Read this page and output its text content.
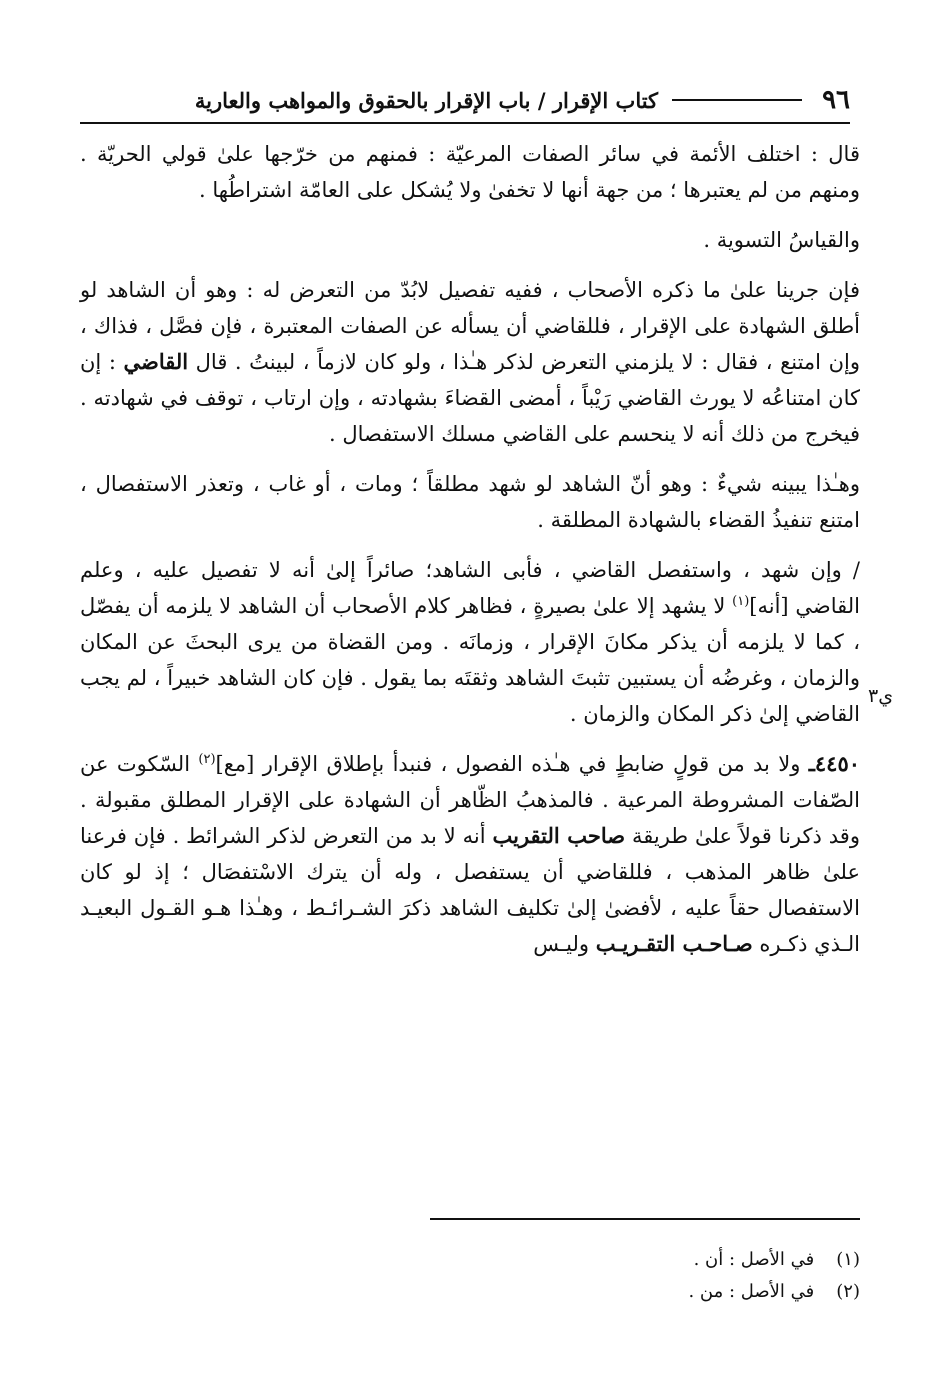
٩٦
كتاب الإقرار / باب الإقرار بالحقوق والمواهب والعارية
ي٣

قال : اختلف الأئمة في سائر الصفات المرعيّة : فمنهم من خرّجها علىٰ قولي الحريّة . ومنهم من لم يعتبرها ؛ من جهة أنها لا تخفىٰ ولا يُشكل على العامّة اشتراطُها .

والقياسُ التسوية .

فإن جرينا علىٰ ما ذكره الأصحاب ، ففيه تفصيل لابُدّ من التعرض له : وهو أن الشاهد لو أطلق الشهادة على الإقرار ، فللقاضي أن يسأله عن الصفات المعتبرة ، فإن فصَّل ، فذاك ، وإن امتنع ، فقال : لا يلزمني التعرض لذكر هـٰذا ، ولو كان لازماً ، لبينتُ . قال القاضي : إن كان امتناعُه لا يورث القاضي رَيْباً ، أمضى القضاءَ بشهادته ، وإن ارتاب ، توقف في شهادته . فيخرج من ذلك أنه لا ينحسم على القاضي مسلك الاستفصال .

وهـٰذا يبينه شيءٌ : وهو أنّ الشاهد لو شهد مطلقاً ؛ ومات ، أو غاب ، وتعذر الاستفصال ، امتنع تنفيذُ القضاء بالشهادة المطلقة .

/ وإن شهد ، واستفصل القاضي ، فأبى الشاهد؛ صائراً إلىٰ أنه لا تفصيل عليه ، وعلم القاضي [أنه]$^{(١)}$ لا يشهد إلا علىٰ بصيرةٍ ، فظاهر كلام الأصحاب أن الشاهد لا يلزمه أن يفصّل ، كما لا يلزمه أن يذكر مكانَ الإقرار ، وزمانَه . ومن القضاة من يرى البحثَ عن المكان والزمان ، وغرضُه أن يستبين تثبتَ الشاهد وثقتَه بما يقول . فإن كان الشاهد خبيراً ، لم يجب القاضي إلىٰ ذكر المكان والزمان .

٤٤٥٠ـ ولا بد من قولٍ ضابطٍ في هـٰذه الفصول ، فنبدأ بإطلاق الإقرار [مع]$^{(٢)}$ السّكوت عن الصّفات المشروطة المرعية . فالمذهبُ الظّاهر أن الشهادة على الإقرار المطلق مقبولة . وقد ذكرنا قولاً علىٰ طريقة صاحب التقريب أنه لا بد من التعرض لذكر الشرائط . فإن فرعنا علىٰ ظاهر المذهب ، فللقاضي أن يستفصل ، وله أن يترك الاسْتفصَال ؛ إذ لو كان الاستفصال حقاً عليه ، لأفضىٰ إلىٰ تكليف الشاهد ذكرَ الشـرائـط ، وهـٰذا هـو القـول البعيـد الـذي ذكـره صـاحـب التقـريـب وليـس

(١) في الأصل : أن .
(٢) في الأصل : من .
